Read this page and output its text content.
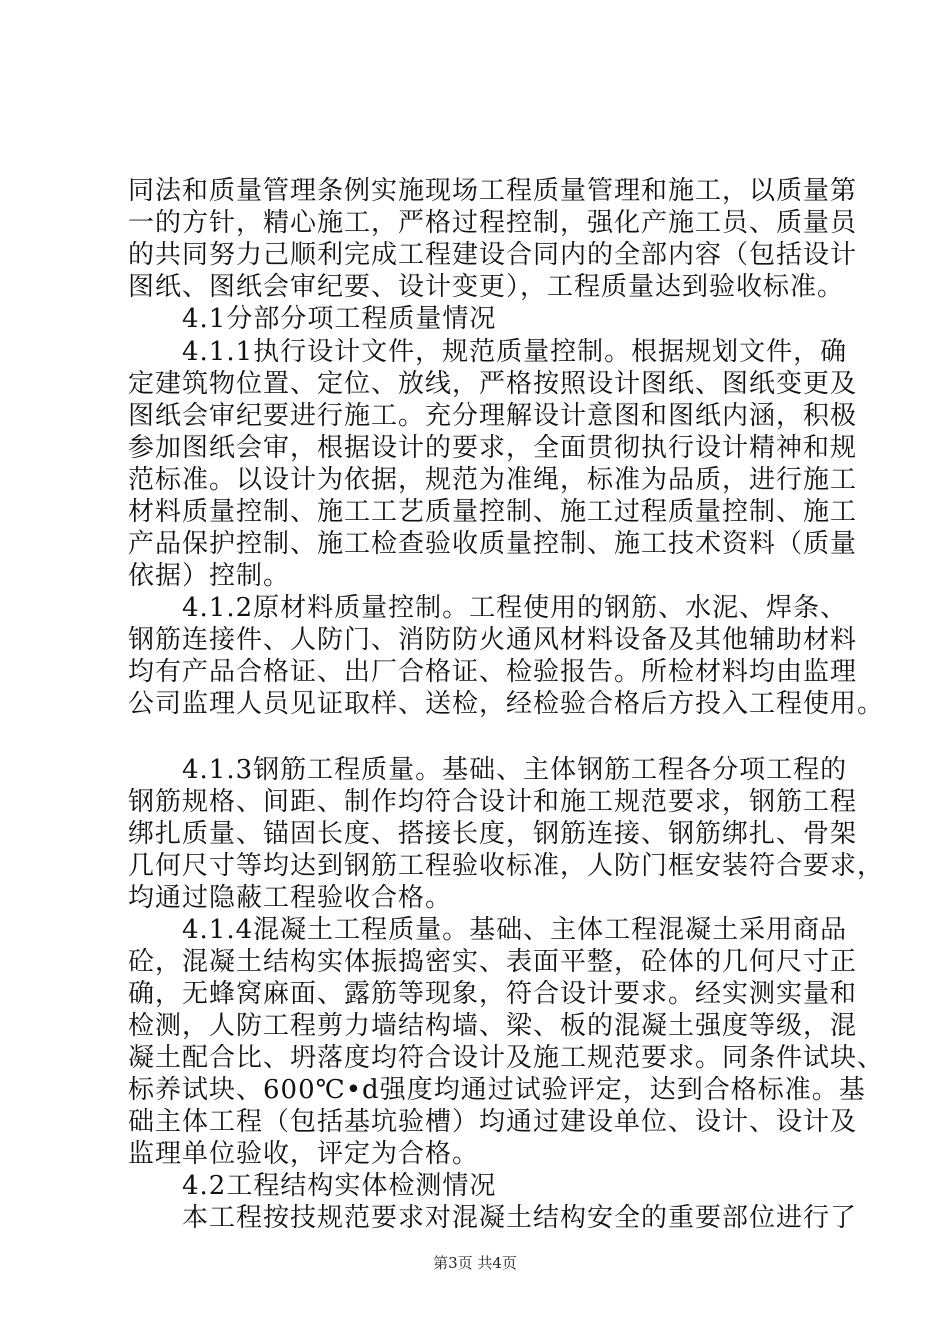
同法和质量管理条例实施现场工程质量管理和施工，以质量第
一的方针，精心施工，严格过程控制，强化产施工员、质量员
的共同努力己顺利完成工程建设合同内的全部内容（包括设计
图纸、图纸会审纪要、设计变更），工程质量达到验收标准。
4.1分部分项工程质量情况
4.1.1执行设计文件，规范质量控制。根据规划文件，确
定建筑物位置、定位、放线，严格按照设计图纸、图纸变更及
图纸会审纪要进行施工。充分理解设计意图和图纸内涵，积极
参加图纸会审，根据设计的要求，全面贯彻执行设计精神和规
范标准。以设计为依据，规范为准绳，标准为品质，进行施工
材料质量控制、施工工艺质量控制、施工过程质量控制、施工
产品保护控制、施工检查验收质量控制、施工技术资料（质量
依据）控制。
4.1.2原材料质量控制。工程使用的钢筋、水泥、焊条、
钢筋连接件、人防门、消防防火通风材料设备及其他辅助材料
均有产品合格证、出厂合格证、检验报告。所检材料均由监理
公司监理人员见证取样、送检，经检验合格后方投入工程使用。
4.1.3钢筋工程质量。基础、主体钢筋工程各分项工程的
钢筋规格、间距、制作均符合设计和施工规范要求，钢筋工程
绑扎质量、锚固长度、搭接长度，钢筋连接、钢筋绑扎、骨架
几何尺寸等均达到钢筋工程验收标准，人防门框安装符合要求，
均通过隐蔽工程验收合格。
4.1.4混凝土工程质量。基础、主体工程混凝土采用商品
砼，混凝土结构实体振捣密实、表面平整，砼体的几何尺寸正
确，无蜂窝麻面、露筋等现象，符合设计要求。经实测实量和
检测，人防工程剪力墙结构墙、梁、板的混凝土强度等级，混
凝土配合比、坍落度均符合设计及施工规范要求。同条件试块、
标养试块、600℃•d强度均通过试验评定，达到合格标准。基
础主体工程（包括基坑验槽）均通过建设单位、设计、设计及
监理单位验收，评定为合格。
4.2工程结构实体检测情况
本工程按技规范要求对混凝土结构安全的重要部位进行了
第3页 共4页
